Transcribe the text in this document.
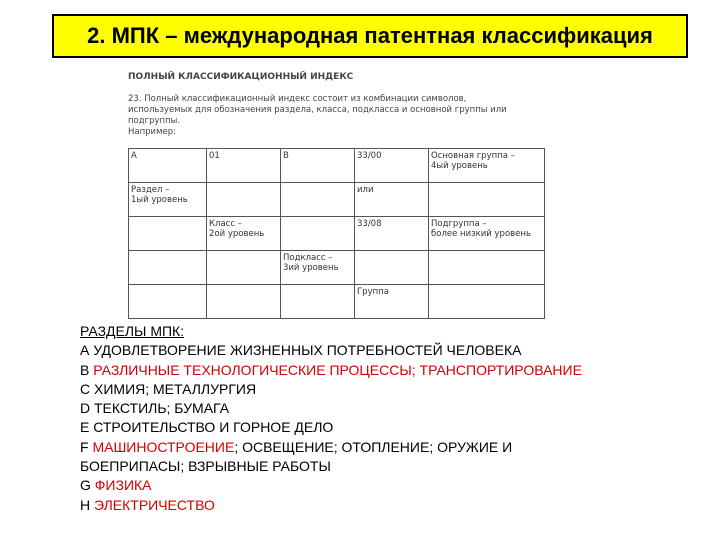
2. МПК – международная патентная классификация
ПОЛНЫЙ КЛАССИФИКАЦИОННЫЙ ИНДЕКС
23. Полный классификационный индекс состоит из комбинации символов,
используемых для обозначения раздела, класса, подкласса и основной группы или
подгруппы.
Например:
А	01	В	33/00	Основная группа –
4ый уровень
Раздел –
1ый уровень			или	
	Класс –
2ой уровень		33/08	Подгруппа –
более низкий уровень
		Подкласс –
3ий уровень		
			Группа	
РАЗДЕЛЫ МПК:
А УДОВЛЕТВОРЕНИЕ ЖИЗНЕННЫХ ПОТРЕБНОСТЕЙ ЧЕЛОВЕКА
В РАЗЛИЧНЫЕ ТЕХНОЛОГИЧЕСКИЕ ПРОЦЕССЫ; ТРАНСПОРТИРОВАНИЕ
С ХИМИЯ; МЕТАЛЛУРГИЯ
D ТЕКСТИЛЬ; БУМАГА
E СТРОИТЕЛЬСТВО И ГОРНОЕ ДЕЛО
F МАШИНОСТРОЕНИЕ; ОСВЕЩЕНИЕ; ОТОПЛЕНИЕ; ОРУЖИЕ И
БОЕПРИПАСЫ; ВЗРЫВНЫЕ РАБОТЫ
G ФИЗИКА
Н ЭЛЕКТРИЧЕСТВО
